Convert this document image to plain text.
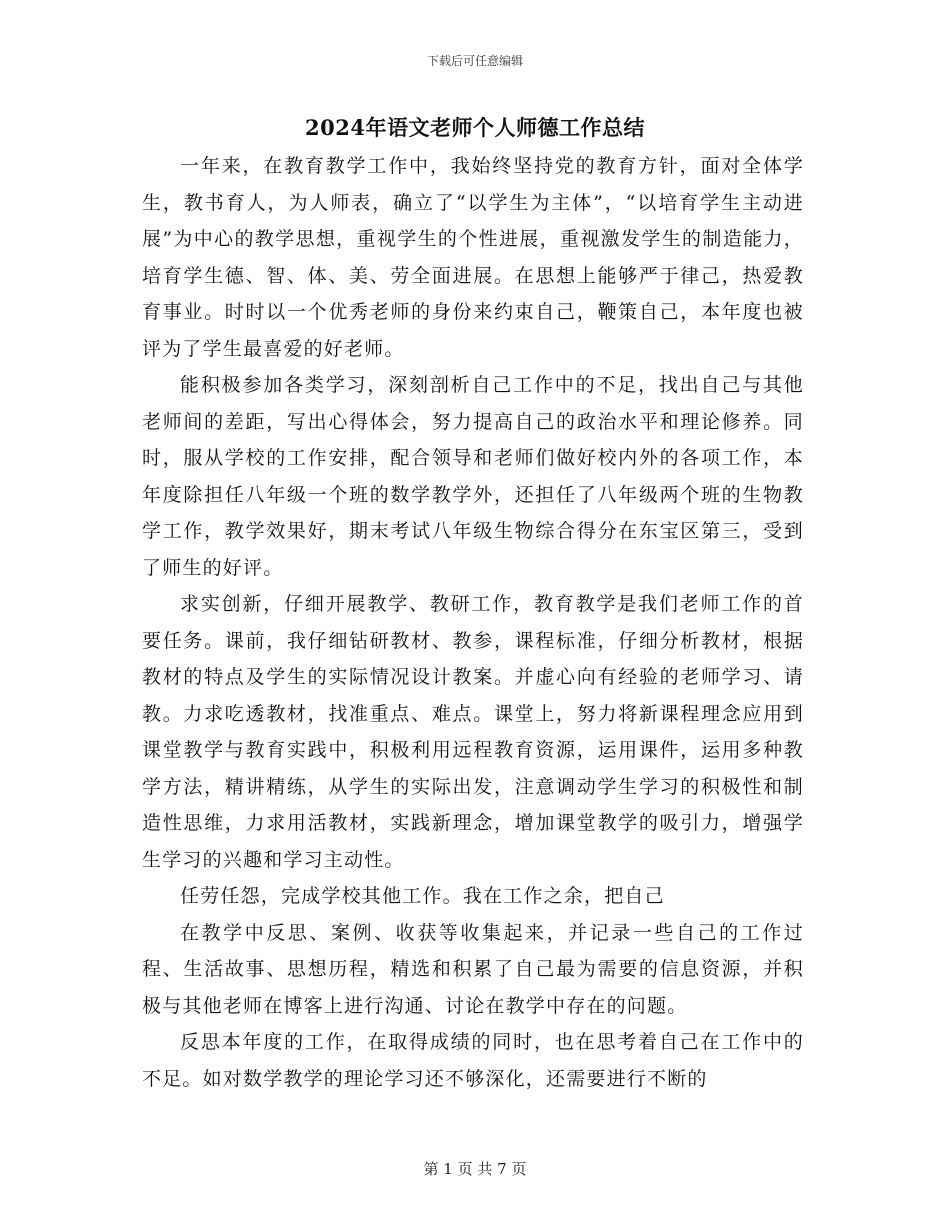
下载后可任意编辑
2024年语文老师个人师德工作总结

一年来，在教育教学工作中，我始终坚持党的教育方针，面对全体学生，教书育人，为人师表，确立了“以学生为主体”，“以培育学生主动进展”为中心的教学思想，重视学生的个性进展，重视激发学生的制造能力，培育学生德、智、体、美、劳全面进展。在思想上能够严于律己，热爱教育事业。时时以一个优秀老师的身份来约束自己，鞭策自己，本年度也被评为了学生最喜爱的好老师。

能积极参加各类学习，深刻剖析自己工作中的不足，找出自己与其他老师间的差距，写出心得体会，努力提高自己的政治水平和理论修养。同时，服从学校的工作安排，配合领导和老师们做好校内外的各项工作，本年度除担任八年级一个班的数学教学外，还担任了八年级两个班的生物教学工作，教学效果好，期末考试八年级生物综合得分在东宝区第三，受到了师生的好评。

求实创新，仔细开展教学、教研工作，教育教学是我们老师工作的首要任务。课前，我仔细钻研教材、教参，课程标准，仔细分析教材，根据教材的特点及学生的实际情况设计教案。并虚心向有经验的老师学习、请教。力求吃透教材，找准重点、难点。课堂上，努力将新课程理念应用到课堂教学与教育实践中，积极利用远程教育资源，运用课件，运用多种教学方法，精讲精练，从学生的实际出发，注意调动学生学习的积极性和制造性思维，力求用活教材，实践新理念，增加课堂教学的吸引力，增强学生学习的兴趣和学习主动性。

任劳任怨，完成学校其他工作。我在工作之余，把自己

在教学中反思、案例、收获等收集起来，并记录一些自己的工作过程、生活故事、思想历程，精选和积累了自己最为需要的信息资源，并积极与其他老师在博客上进行沟通、讨论在教学中存在的问题。

反思本年度的工作，在取得成绩的同时，也在思考着自己在工作中的不足。如对数学教学的理论学习还不够深化，还需要进行不断的

第 1 页 共 7 页
